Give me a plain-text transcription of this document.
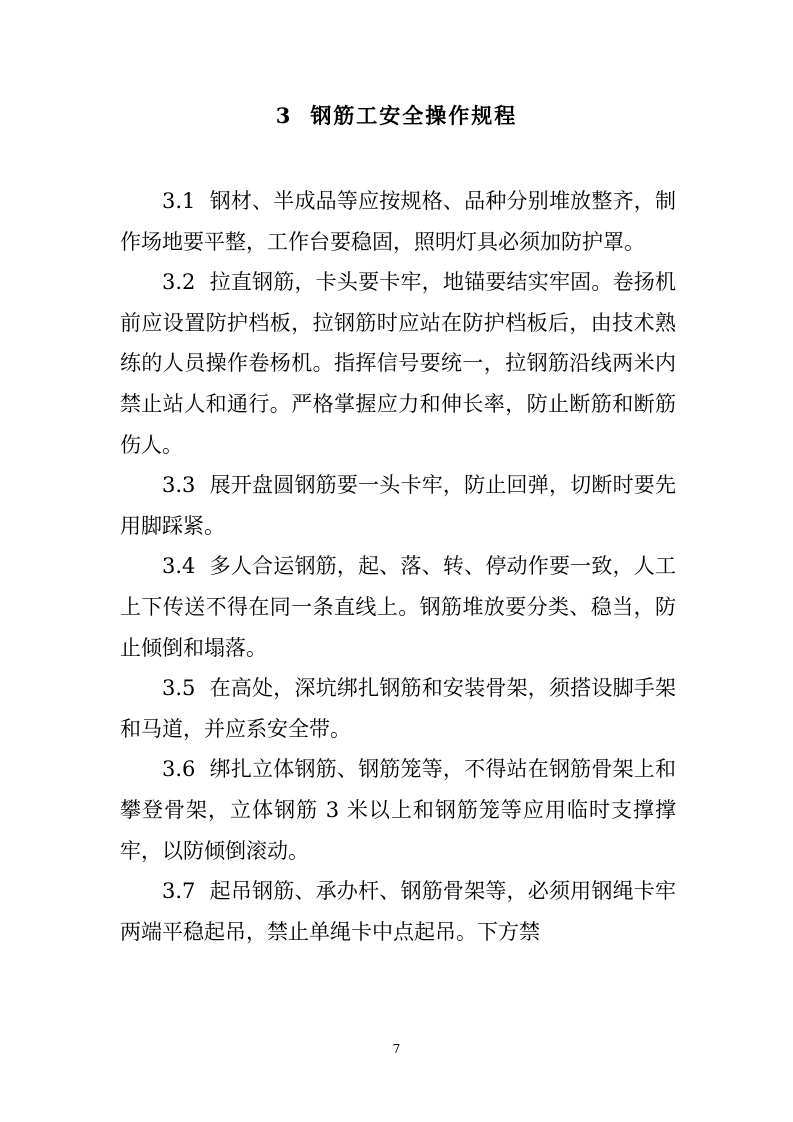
3 钢筋工安全操作规程

3.1 钢材、半成品等应按规格、品种分别堆放整齐，制作场地要平整，工作台要稳固，照明灯具必须加防护罩。

3.2 拉直钢筋，卡头要卡牢，地锚要结实牢固。卷扬机前应设置防护档板，拉钢筋时应站在防护档板后，由技术熟练的人员操作卷杨机。指挥信号要统一，拉钢筋沿线两米内禁止站人和通行。严格掌握应力和伸长率，防止断筋和断筋伤人。

3.3 展开盘圆钢筋要一头卡牢，防止回弹，切断时要先用脚踩紧。

3.4 多人合运钢筋，起、落、转、停动作要一致，人工上下传送不得在同一条直线上。钢筋堆放要分类、稳当，防止倾倒和塌落。

3.5 在高处，深坑绑扎钢筋和安装骨架，须搭设脚手架和马道，并应系安全带。

3.6 绑扎立体钢筋、钢筋笼等，不得站在钢筋骨架上和攀登骨架，立体钢筋 3 米以上和钢筋笼等应用临时支撑撑牢，以防倾倒滚动。

3.7 起吊钢筋、承办杆、钢筋骨架等，必须用钢绳卡牢两端平稳起吊，禁止单绳卡中点起吊。下方禁

7
